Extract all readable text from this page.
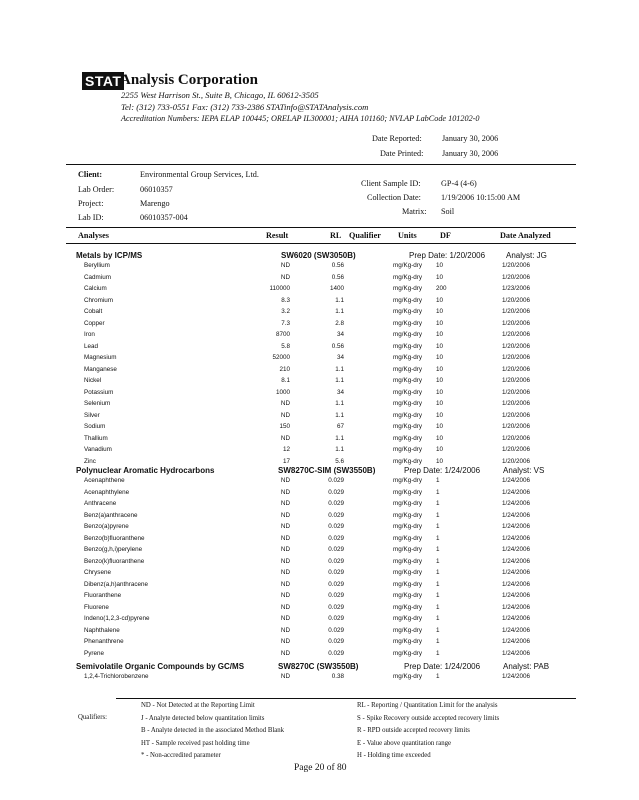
STAT
Analysis Corporation
2255 West Harrison St., Suite B, Chicago, IL 60612-3505
Tel: (312) 733-0551 Fax: (312) 733-2386 STATinfo@STATAnalysis.com
Accreditation Numbers: IEPA ELAP 100445; ORELAP IL300001; AIHA 101160; NVLAP LabCode 101202-0
Date Reported: January 30, 2006
Date Printed: January 30, 2006
Client:	Environmental Group Services, Ltd.
Lab Order:	06010357
Project:	Marengo
Lab ID:	06010357-004
Client Sample ID: GP-4 (4-6)
Collection Date: 1/19/2006 10:15:00 AM
Matrix: Soil
Analyses	Result	RL Qualifier Units	DF	Date Analyzed
Metals by ICP/MS	SW6020 (SW3050B)	Prep Date: 1/20/2006	Analyst: JG
Beryllium	ND	0.56	mg/Kg-dry 10	1/20/2006
Cadmium	ND	0.56	mg/Kg-dry 10	1/20/2006
Calcium	110000	1400	mg/Kg-dry 200	1/23/2006
Chromium	8.3	1.1	mg/Kg-dry 10	1/20/2006
Cobalt	3.2	1.1	mg/Kg-dry 10	1/20/2006
Copper	7.3	2.8	mg/Kg-dry 10	1/20/2006
Iron	8700	34	mg/Kg-dry 10	1/20/2006
Lead	5.8	0.56	mg/Kg-dry 10	1/20/2006
Magnesium	52000	34	mg/Kg-dry 10	1/20/2006
Manganese	210	1.1	mg/Kg-dry 10	1/20/2006
Nickel	8.1	1.1	mg/Kg-dry 10	1/20/2006
Potassium	1000	34	mg/Kg-dry 10	1/20/2006
Selenium	ND	1.1	mg/Kg-dry 10	1/20/2006
Silver	ND	1.1	mg/Kg-dry 10	1/20/2006
Sodium	150	67	mg/Kg-dry 10	1/20/2006
Thallium	ND	1.1	mg/Kg-dry 10	1/20/2006
Vanadium	12	1.1	mg/Kg-dry 10	1/20/2006
Zinc	17	5.6	mg/Kg-dry 10	1/20/2006
Polynuclear Aromatic Hydrocarbons	SW8270C-SIM (SW3550B)	Prep Date: 1/24/2006	Analyst: VS
Acenaphthene	ND	0.029	mg/Kg-dry 1	1/24/2006
Acenaphthylene	ND	0.029	mg/Kg-dry 1	1/24/2006
Anthracene	ND	0.029	mg/Kg-dry 1	1/24/2006
Benz(a)anthracene	ND	0.029	mg/Kg-dry 1	1/24/2006
Benzo(a)pyrene	ND	0.029	mg/Kg-dry 1	1/24/2006
Benzo(b)fluoranthene	ND	0.029	mg/Kg-dry 1	1/24/2006
Benzo(g,h,i)perylene	ND	0.029	mg/Kg-dry 1	1/24/2006
Benzo(k)fluoranthene	ND	0.029	mg/Kg-dry 1	1/24/2006
Chrysene	ND	0.029	mg/Kg-dry 1	1/24/2006
Dibenz(a,h)anthracene	ND	0.029	mg/Kg-dry 1	1/24/2006
Fluoranthene	ND	0.029	mg/Kg-dry 1	1/24/2006
Fluorene	ND	0.029	mg/Kg-dry 1	1/24/2006
Indeno(1,2,3-cd)pyrene	ND	0.029	mg/Kg-dry 1	1/24/2006
Naphthalene	ND	0.029	mg/Kg-dry 1	1/24/2006
Phenanthrene	ND	0.029	mg/Kg-dry 1	1/24/2006
Pyrene	ND	0.029	mg/Kg-dry 1	1/24/2006
Semivolatile Organic Compounds by GC/MS	SW8270C (SW3550B)	Prep Date: 1/24/2006	Analyst: PAB
1,2,4-Trichlorobenzene	ND	0.38	mg/Kg-dry 1	1/24/2006
Qualifiers:
ND - Not Detected at the Reporting Limit
J - Analyte detected below quantitation limits
B - Analyte detected in the associated Method Blank
HT - Sample received past holding time
* - Non-accredited parameter
RL - Reporting / Quantitation Limit for the analysis
S - Spike Recovery outside accepted recovery limits
R - RPD outside accepted recovery limits
E - Value above quantitation range
H - Holding time exceeded
Page 20 of 80
